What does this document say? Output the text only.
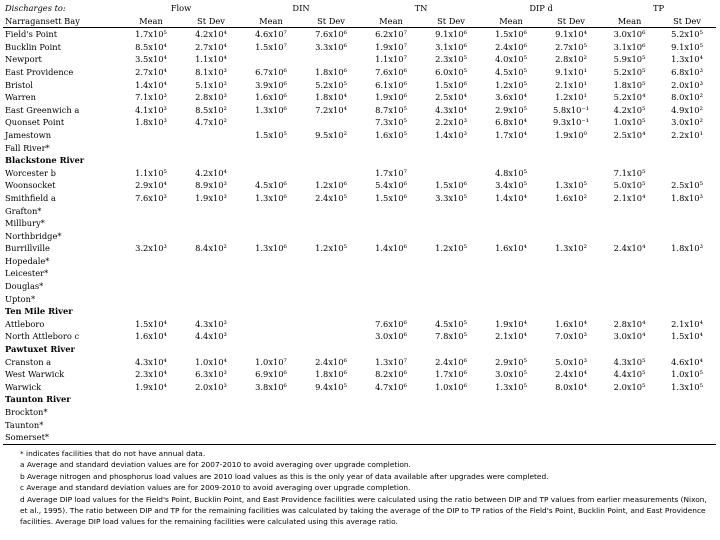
Discharges to:	Flow		DIN		TN		DIP d		TP	
Narragansett Bay	Mean	St Dev	Mean	St Dev	Mean	St Dev	Mean	St Dev	Mean	St Dev
Field's Point	1.7x10⁵	4.2x10⁴	4.6x10⁷	7.6x10⁶	6.2x10⁷	9.1x10⁶	1.5x10⁶	9.1x10⁴	3.0x10⁶	5.2x10⁵
Bucklin Point	8.5x10⁴	2.7x10⁴	1.5x10⁷	3.3x10⁶	1.9x10⁷	3.1x10⁶	2.4x10⁶	2.7x10⁵	3.1x10⁶	9.1x10⁵
Newport	3.5x10⁴	1.1x10⁴			1.1x10⁷	2.3x10⁵	4.0x10⁵	2.8x10²	5.9x10⁵	1.3x10⁴
East Providence	2.7x10⁴	8.1x10³	6.7x10⁶	1.8x10⁶	7.6x10⁶	6.0x10⁵	4.5x10⁵	9.1x10¹	5.2x10⁵	6.8x10³
Bristol	1.4x10⁴	5.1x10³	3.9x10⁶	5.2x10⁵	6.1x10⁶	1.5x10⁶	1.2x10⁵	2.1x10¹	1.8x10⁵	2.0x10³
Warren	7.1x10³	2.8x10³	1.6x10⁶	1.8x10⁴	1.9x10⁶	2.5x10⁴	3.6x10⁴	1.2x10¹	5.2x10⁴	8.0x10²
East Greenwich a	4.1x10³	8.5x10²	1.3x10⁶	7.2x10⁴	8.7x10⁵	4.3x10⁴	2.9x10⁵	5.8x10⁻¹	4.2x10⁵	4.9x10²
Quonset Point	1.8x10³	4.7x10²			7.3x10⁵	2.2x10³	6.8x10⁴	9.3x10⁻¹	1.0x10⁵	3.0x10²
Jamestown			1.5x10⁵	9.5x10²	1.6x10⁵	1.4x10³	1.7x10⁴	1.9x10⁰	2.5x10⁴	2.2x10¹
Fall River*										
Blackstone River										
Worcester b	1.1x10⁵	4.2x10⁴			1.7x10⁷		4.8x10⁵		7.1x10⁵	
Woonsocket	2.9x10⁴	8.9x10³	4.5x10⁶	1.2x10⁶	5.4x10⁶	1.5x10⁶	3.4x10⁵	1.3x10⁵	5.0x10⁵	2.5x10⁵
Smithfield a	7.6x10³	1.9x10³	1.3x10⁶	2.4x10⁵	1.5x10⁶	3.3x10⁵	1.4x10⁴	1.6x10²	2.1x10⁴	1.8x10³
Grafton*										
Millbury*										
Northbridge*										
Burrillville	3.2x10³	8.4x10²	1.3x10⁶	1.2x10⁵	1.4x10⁶	1.2x10⁵	1.6x10⁴	1.3x10²	2.4x10⁴	1.8x10³
Hopedale*										
Leicester*										
Douglas*										
Upton*										
Ten Mile River										
Attleboro	1.5x10⁴	4.3x10³			7.6x10⁶	4.5x10⁵	1.9x10⁴	1.6x10⁴	2.8x10⁴	2.1x10⁴
North Attleboro c	1.6x10⁴	4.4x10³			3.0x10⁶	7.8x10⁵	2.1x10⁴	7.0x10³	3.0x10⁴	1.5x10⁴
Pawtuxet River										
Cranston a	4.3x10⁴	1.0x10⁴	1.0x10⁷	2.4x10⁶	1.3x10⁷	2.4x10⁶	2.9x10⁵	5.0x10³	4.3x10⁵	4.6x10⁴
West Warwick	2.3x10⁴	6.3x10³	6.9x10⁶	1.8x10⁶	8.2x10⁶	1.7x10⁶	3.0x10⁵	2.4x10⁴	4.4x10⁵	1.0x10⁵
Warwick	1.9x10⁴	2.0x10³	3.8x10⁶	9.4x10⁵	4.7x10⁶	1.0x10⁶	1.3x10⁵	8.0x10⁴	2.0x10⁵	1.3x10⁵
Taunton River										
Brockton*										
Taunton*										
Somerset*										

* indicates facilities that do not have annual data.

a Average and standard deviation values are for 2007-2010 to avoid averaging over upgrade completion.

b Average nitrogen and phosphorus load values are 2010 load values as this is the only year of data available after upgrades were completed.

c Average and standard deviation values are for 2009-2010 to avoid averaging over upgrade completion.

d Average DIP load values for the Field's Point, Bucklin Point, and East Providence facilities were calculated using the ratio between DIP and TP values from earlier measurements (Nixon, et al., 1995). The ratio between DIP and TP for the remaining facilities was calculated by taking the average of the DIP to TP ratios of the Field's Point, Bucklin Point, and East Providence facilities. Average DIP load values for the remaining facilities were calculated using this average ratio.
